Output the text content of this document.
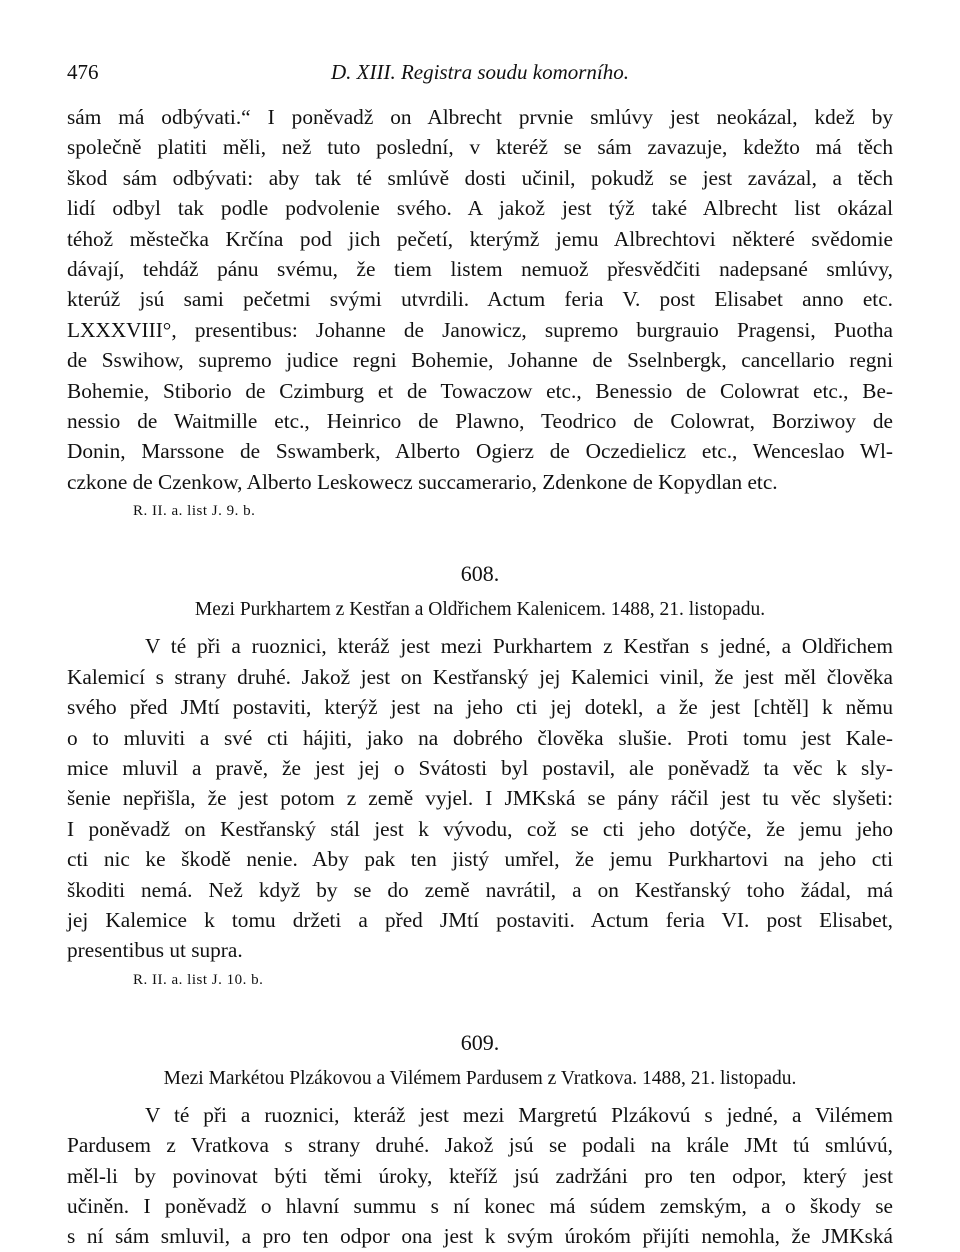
476	D. XIII. Registra soudu komorního.
sám má odbývati.“ I poněvadž on Albrecht prvnie smlúvy jest neokázal, kdež by
společně platiti měli, než tuto poslední, v kteréž se sám zavazuje, kdežto má těch
škod sám odbývati: aby tak té smlúvě dosti učinil, pokudž se jest zavázal, a těch
lidí odbyl tak podle podvolenie svého. A jakož jest týž také Albrecht list okázal
téhož městečka Krčína pod jich pečetí, kterýmž jemu Albrechtovi některé svědomie
dávají, tehdáž pánu svému, že tiem listem nemuož přesvědčiti nadepsané smlúvy,
kterúž jsú sami pečetmi svými utvrdili. Actum feria V. post Elisabet anno etc.
LXXXVIII°, presentibus: Johanne de Janowicz, supremo burgrauio Pragensi, Puotha
de Sswihow, supremo judice regni Bohemie, Johanne de Sselnbergk, cancellario regni
Bohemie, Stiborio de Czimburg et de Towaczow etc., Benessio de Colowrat etc., Be-
nessio de Waitmille etc., Heinrico de Plawno, Teodrico de Colowrat, Borziwoy de
Donin, Marssone de Sswamberk, Alberto Ogierz de Oczedielicz etc., Wenceslao Wl-
czkone de Czenkow, Alberto Leskowecz succamerario, Zdenkone de Kopydlan etc.
R. II. a. list J. 9. b.
608.
Mezi Purkhartem z Kestřan a Oldřichem Kalenicem. 1488, 21. listopadu.
V té při a ruoznici, kteráž jest mezi Purkhartem z Kestřan s jedné, a Oldřichem
Kalemicí s strany druhé. Jakož jest on Kestřanský jej Kalemici vinil, že jest měl člověka
svého před JMtí postaviti, kterýž jest na jeho cti jej dotekl, a že jest [chtěl] k němu
o to mluviti a své cti hájiti, jako na dobrého člověka slušie. Proti tomu jest Kale-
mice mluvil a pravě, že jest jej o Svátosti byl postavil, ale poněvadž ta věc k sly-
šenie nepřišla, že jest potom z země vyjel. I JMKská se pány ráčil jest tu věc slyšeti:
I poněvadž on Kestřanský stál jest k vývodu, což se cti jeho dotýče, že jemu jeho
cti nic ke škodě nenie. Aby pak ten jistý umřel, že jemu Purkhartovi na jeho cti
škoditi nemá. Než když by se do země navrátil, a on Kestřanský toho žádal, má
jej Kalemice k tomu držeti a před JMtí postaviti. Actum feria VI. post Elisabet,
presentibus ut supra.
R. II. a. list J. 10. b.
609.
Mezi Markétou Plzákovou a Vilémem Pardusem z Vratkova. 1488, 21. listopadu.
V té při a ruoznici, kteráž jest mezi Margretú Plzákovú s jedné, a Vilémem
Pardusem z Vratkova s strany druhé. Jakož jsú se podali na krále JMt tú smlúvú,
měl-li by povinovat býti těmi úroky, kteříž jsú zadržáni pro ten odpor, který jest
učiněn. I poněvadž o hlavní summu s ní konec má súdem zemským, a o škody se
s ní sám smluvil, a pro ten odpor ona jest k svým úrokóm přijíti nemohla, že JMKská
